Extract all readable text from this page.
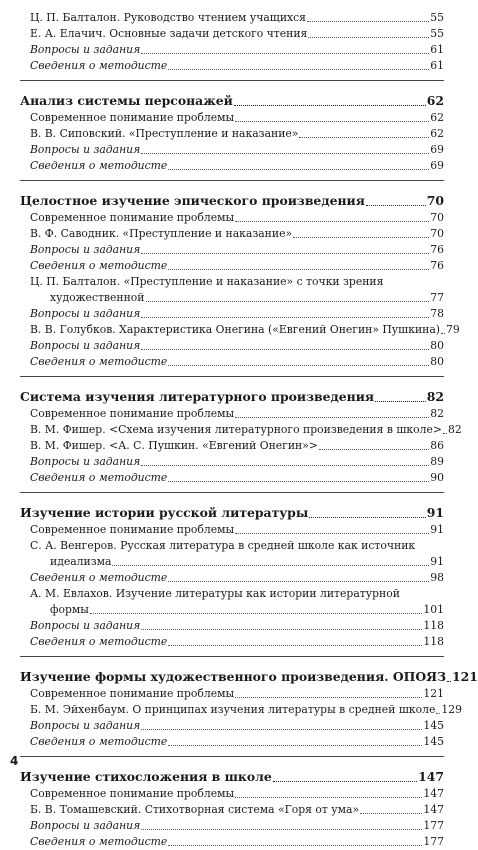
Ц. П. Балталон. Руководство чтением учащихся	55
Е. А. Елачич. Основные задачи детского чтения	55
Вопросы и задания	61
Сведения о методисте	61
Анализ системы персонажей	62
Современное понимание проблемы	62
В. В. Сиповский. «Преступление и наказание»	62
Вопросы и задания	69
Сведения о методисте	69
Целостное изучение эпического произведения	70
Современное понимание проблемы	70
В. Ф. Саводник. «Преступление и наказание»	70
Вопросы и задания	76
Сведения о методисте	76
Ц. П. Балталон. «Преступление и наказание» с точки зрения
художественной	77
Вопросы и задания	78
В. В. Голубков. Характеристика Онегина («Евгений Онегин» Пушкина) 79
Вопросы и задания	80
Сведения о методисте	80
Система изучения литературного произведения	82
Современное понимание проблемы	82
В. М. Фишер. <Схема изучения литературного произведения в школе> 82
В. М. Фишер. <А. С. Пушкин. «Евгений Онегин»>	86
Вопросы и задания	89
Сведения о методисте	90
Изучение истории русской литературы	91
Современное понимание проблемы	91
С. А. Венгеров. Русская литература в средней школе как источник
идеализма	91
Сведения о методисте	98
А. М. Евлахов. Изучение литературы как истории литературной
формы	101
Вопросы и задания	118
Сведения о методисте	118
Изучение формы художественного произведения. ОПОЯЗ 121
Современное понимание проблемы	121
Б. М. Эйхенбаум. О принципах изучения литературы в средней школе 129
Вопросы и задания	145
Сведения о методисте	145
Изучение стихосложения в школе	147
Современное понимание проблемы	147
Б. В. Томашевский. Стихотворная система «Горя от ума»	147
Вопросы и задания	177
Сведения о методисте	177
4
